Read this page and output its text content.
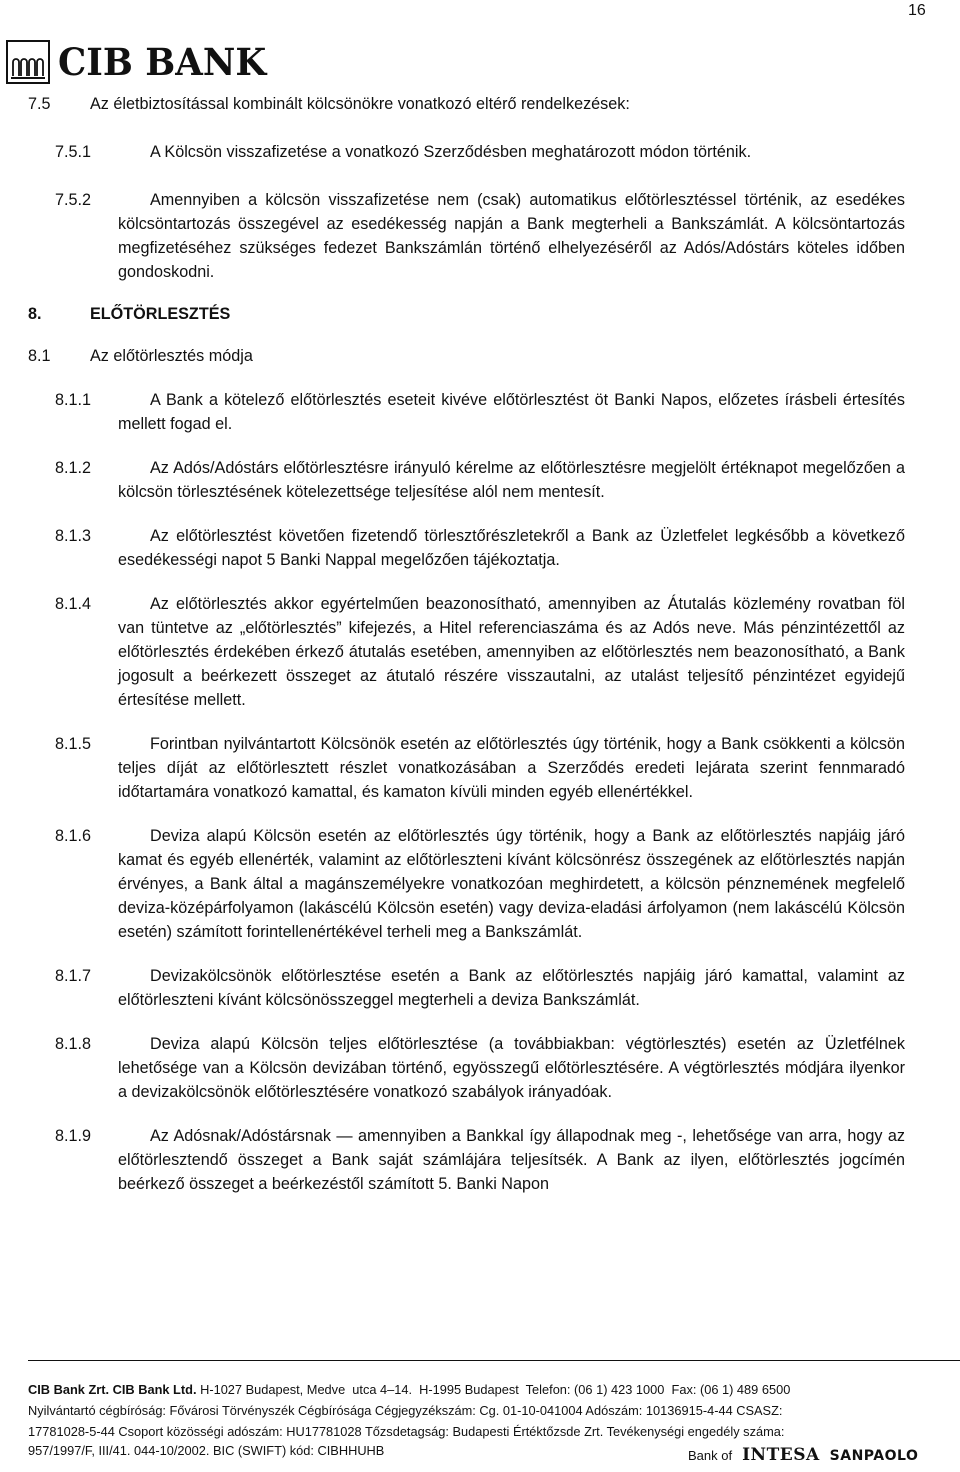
16
CIB BANK
7.5 Az életbiztosítással kombinált kölcsönökre vonatkozó eltérő rendelkezések:
7.5.1	A Kölcsön visszafizetése a vonatkozó Szerződésben meghatározott módon történik.
7.5.2	Amennyiben a kölcsön visszafizetése nem (csak) automatikus előtörlesztéssel történik, az esedékes kölcsöntartozás összegével az esedékesség napján a Bank megterheli a Bankszámlát. A kölcsöntartozás megfizetéséhez szükséges fedezet Bankszámlán történő elhelyezéséről az Adós/Adóstárs köteles időben gondoskodni.
8.	ELŐTÖRLESZTÉS
8.1 Az előtörlesztés módja
8.1.1	A Bank a kötelező előtörlesztés eseteit kivéve előtörlesztést öt Banki Napos, előzetes írásbeli értesítés mellett fogad el.
8.1.2	Az Adós/Adóstárs előtörlesztésre irányuló kérelme az előtörlesztésre megjelölt értéknapot megelőzően a kölcsön törlesztésének kötelezettsége teljesítése alól nem mentesít.
8.1.3	Az előtörlesztést követően fizetendő törlesztőrészletekről a Bank az Üzletfelet legkésőbb a következő esedékességi napot 5 Banki Nappal megelőzően tájékoztatja.
8.1.4	Az előtörlesztés akkor egyértelműen beazonosítható, amennyiben az Átutalás közlemény rovatban föl van tüntetve az „előtörlesztés” kifejezés, a Hitel referenciaszáma és az Adós neve. Más pénzintézettől az előtörlesztés érdekében érkező átutalás esetében, amennyiben az előtörlesztés nem beazonosítható, a Bank jogosult a beérkezett összeget az átutaló részére visszautalni, az utalást teljesítő pénzintézet egyidejű értesítése mellett.
8.1.5	Forintban nyilvántartott Kölcsönök esetén az előtörlesztés úgy történik, hogy a Bank csökkenti a kölcsön teljes díját az előtörlesztett részlet vonatkozásában a Szerződés eredeti lejárata szerint fennmaradó időtartamára vonatkozó kamattal, és kamaton kívüli minden egyéb ellenértékkel.
8.1.6	Deviza alapú Kölcsön esetén az előtörlesztés úgy történik, hogy a Bank az előtörlesztés napjáig járó kamat és egyéb ellenérték, valamint az előtörleszteni kívánt kölcsönrész összegének az előtörlesztés napján érvényes, a Bank által a magánszemélyekre vonatkozóan meghirdetett, a kölcsön pénznemének megfelelő deviza-középárfolyamon (lakáscélú Kölcsön esetén) vagy deviza-eladási árfolyamon (nem lakáscélú Kölcsön esetén) számított forintellenértékével terheli meg a Bankszámlát.
8.1.7	Devizakölcsönök előtörlesztése esetén a Bank az előtörlesztés napjáig járó kamattal, valamint az előtörleszteni kívánt kölcsönösszeggel megterheli a deviza Bankszámlát.
8.1.8	Deviza alapú Kölcsön teljes előtörlesztése (a továbbiakban: végtörlesztés) esetén az Üzletfélnek lehetősége van a Kölcsön devizában történő, egyösszegű előtörlesztésére. A végtörlesztés módjára ilyenkor a devizakölcsönök előtörlesztésére vonatkozó szabályok irányadóak.
8.1.9	Az Adósnak/Adóstársnak — amennyiben a Bankkal így állapodnak meg -, lehetősége van arra, hogy az előtörlesztendő összeget a Bank saját számlájára teljesítsék. A Bank az ilyen, előtörlesztés jogcímén beérkező összeget a beérkezéstől számított 5. Banki Napon
CIB Bank Zrt. CIB Bank Ltd. H-1027 Budapest, Medve  utca 4–14.  H-1995 Budapest  Telefon: (06 1) 423 1000  Fax: (06 1) 489 6500
Nyilvántartó cégbíróság: Fővárosi Törvényszék Cégbírósága Cégjegyzékszám: Cg. 01-10-041004 Adószám: 10136915-4-44 CSASZ:
17781028-5-44 Csoport közösségi adószám: HU17781028 Tőzsdetagság: Budapesti Értéktőzsde Zrt. Tevékenységi engedély száma:
957/1997/F, III/41. 044-10/2002. BIC (SWIFT) kód: CIBHHUHB	Bank of INTESA SANPAOLO
